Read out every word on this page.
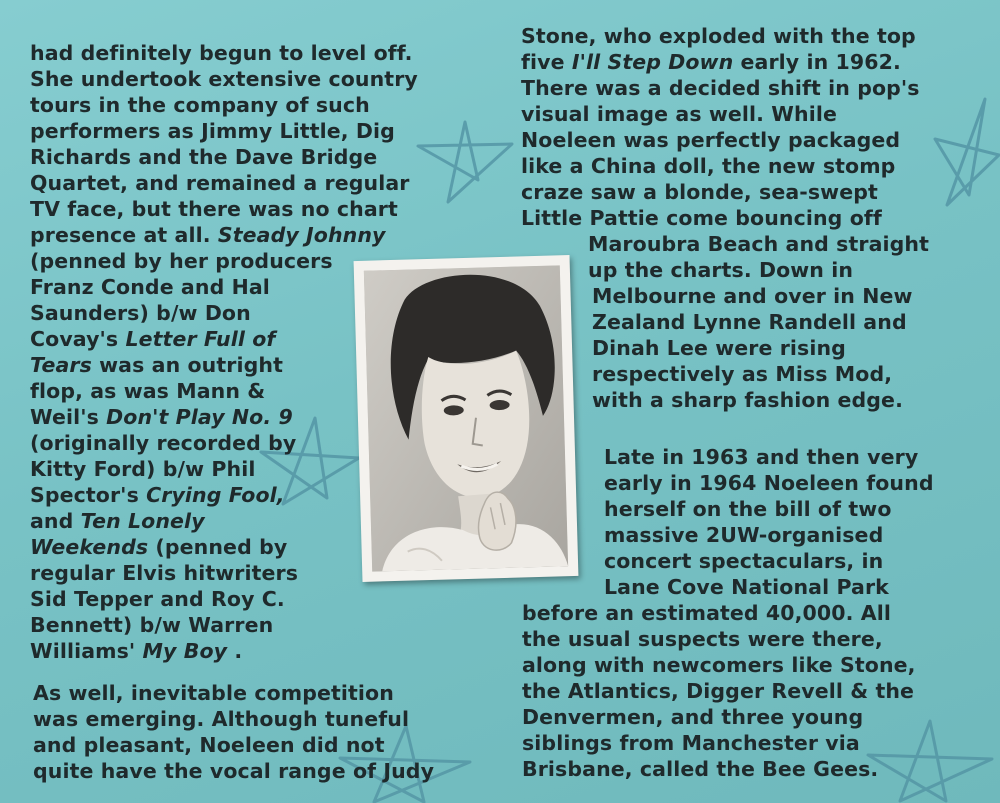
had definitely begun to level off.
She undertook extensive country
tours in the company of such
performers as Jimmy Little, Dig
Richards and the Dave Bridge
Quartet, and remained a regular
TV face, but there was no chart
presence at all. Steady Johnny
(penned by her producers
Franz Conde and Hal
Saunders) b/w Don
Covay's Letter Full of
Tears was an outright
flop, as was Mann &
Weil's Don't Play No. 9
(originally recorded by
Kitty Ford) b/w Phil
Spector's Crying Fool,
and Ten Lonely
Weekends (penned by
regular Elvis hitwriters
Sid Tepper and Roy C.
Bennett) b/w Warren
Williams' My Boy .
As well, inevitable competition
was emerging. Although tuneful
and pleasant, Noeleen did not
quite have the vocal range of Judy
Stone, who exploded with the top
five I'll Step Down early in 1962.
There was a decided shift in pop's
visual image as well. While
Noeleen was perfectly packaged
like a China doll, the new stomp
craze saw a blonde, sea-swept
Little Pattie come bouncing off
Maroubra Beach and straight
up the charts. Down in
Melbourne and over in New
Zealand Lynne Randell and
Dinah Lee were rising
respectively as Miss Mod,
with a sharp fashion edge.
Late in 1963 and then very
early in 1964 Noeleen found
herself on the bill of two
massive 2UW-organised
concert spectaculars, in
Lane Cove National Park
before an estimated 40,000. All
the usual suspects were there,
along with newcomers like Stone,
the Atlantics, Digger Revell & the
Denvermen, and three young
siblings from Manchester via
Brisbane, called the Bee Gees.
